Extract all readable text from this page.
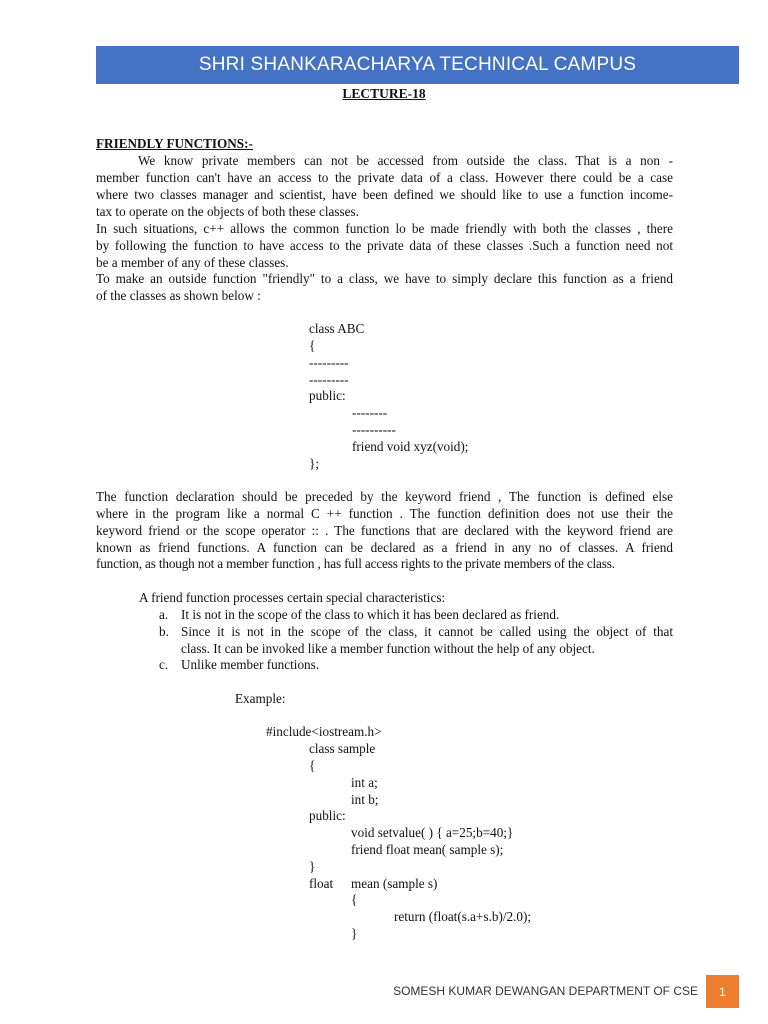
SHRI SHANKARACHARYA TECHNICAL CAMPUS
LECTURE-18
FRIENDLY FUNCTIONS:-
We know private members can not be accessed from outside the class. That is a non -
member function can't have an access to the private data of a class. However there could be a case
where two classes manager and scientist, have been defined we should like to use a function income-
tax to operate on the objects of both these classes.
In such situations, c++ allows the common function lo be made friendly with both the classes , there
by following the function to have access to the private data of these classes .Such a function need not
be a member of any of these classes.
To make an outside function "friendly" to a class, we have to simply declare this function as a friend
of the classes as shown below :
class ABC
{
---------
---------
public:
--------
----------
friend void xyz(void);
};
The function declaration should be preceded by the keyword friend , The function is defined else
where in the program like a normal C ++ function . The function definition does not use their the
keyword friend or the scope operator :: . The functions that are declared with the keyword friend are
known as friend functions. A function can be declared as a friend in any no of classes. A friend
function, as though not a member function , has full access rights to the private members of the class.
A friend function processes certain special characteristics:
a. It is not in the scope of the class to which it has been declared as friend.
b. Since it is not in the scope of the class, it cannot be called using the object of that
class. It can be invoked like a member function without the help of any object.
c. Unlike member functions.
Example:
#include<iostream.h>
class sample
{
int a;
int b;
public:
void setvalue( ) { a=25;b=40;}
friend float mean( sample s);
}
float mean (sample s)
{
return (float(s.a+s.b)/2.0);
}
SOMESH KUMAR DEWANGAN DEPARTMENT OF CSE 1
